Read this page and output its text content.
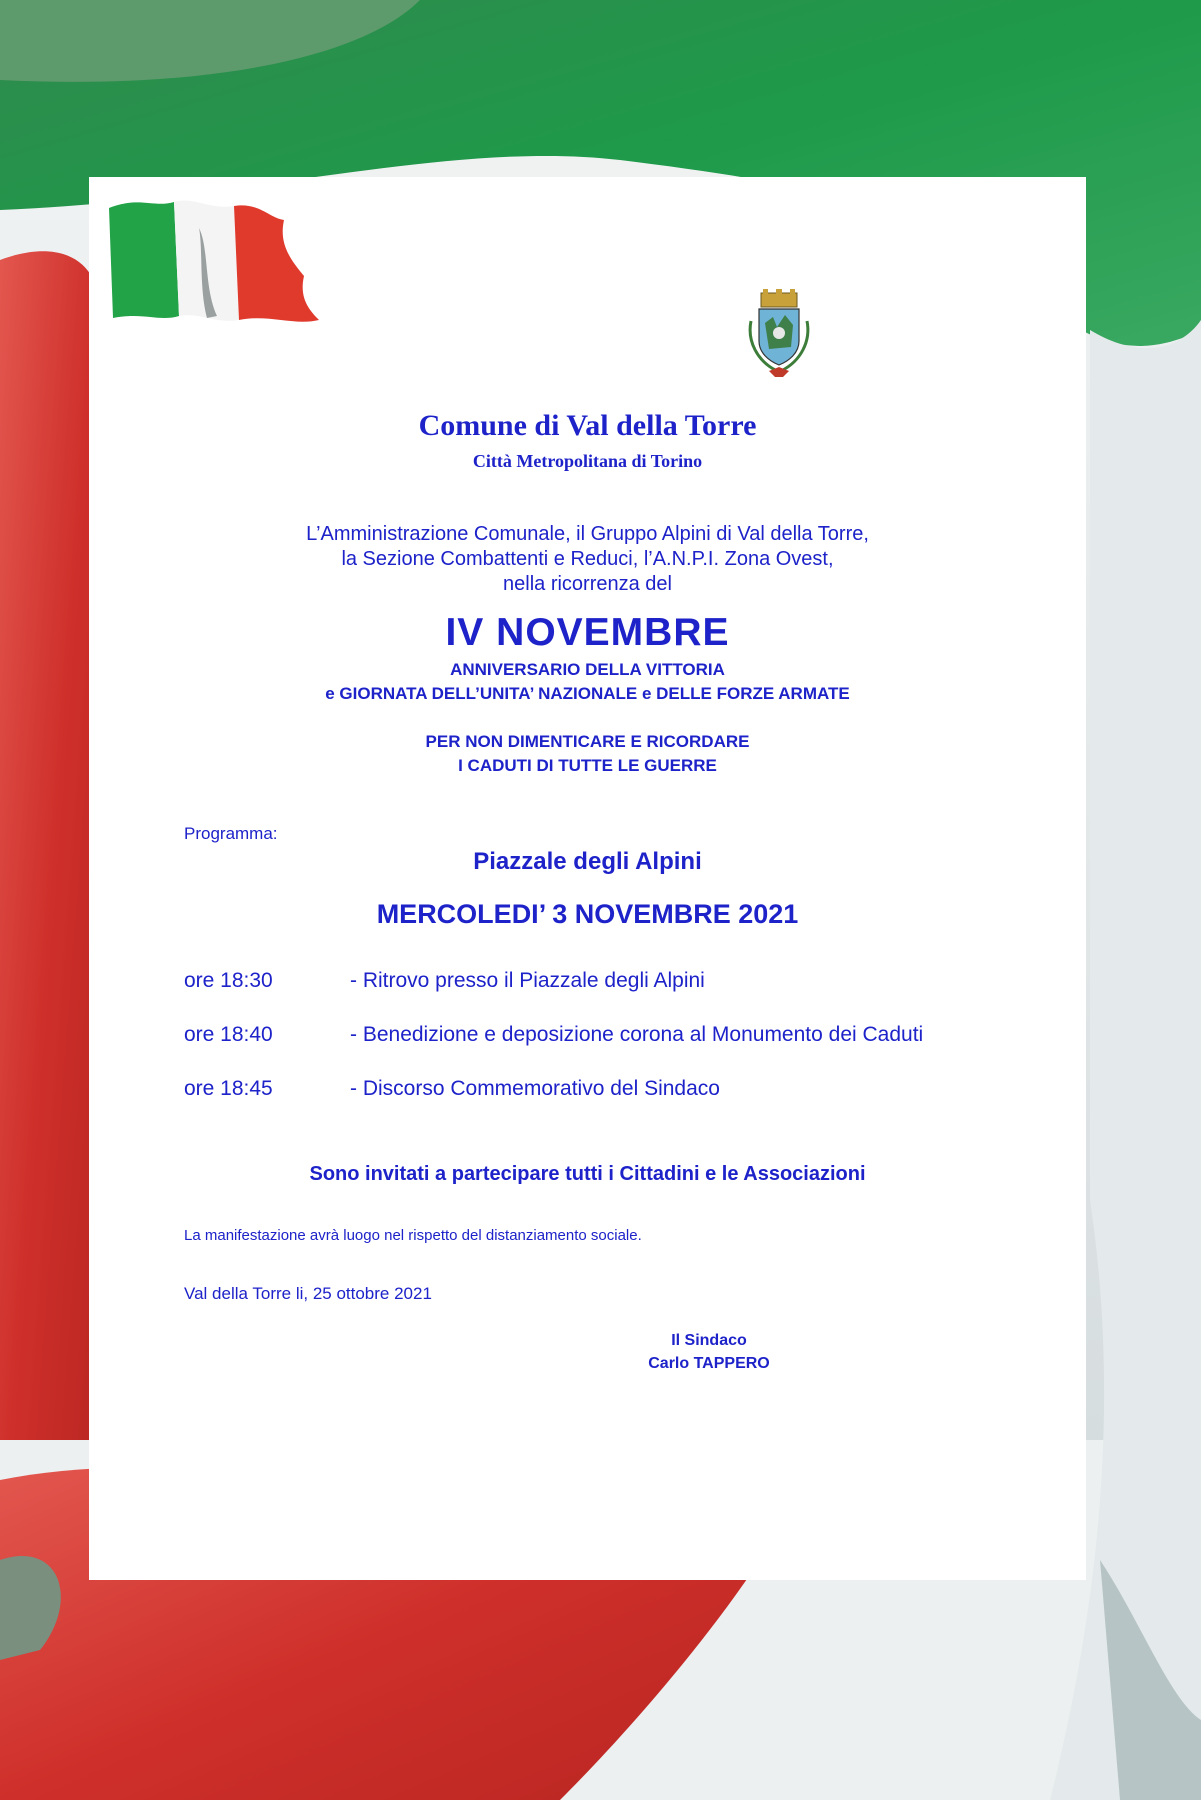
Comune di Val della Torre
Città Metropolitana di Torino
L’Amministrazione Comunale, il Gruppo Alpini di Val della Torre,
la Sezione Combattenti e Reduci, l’A.N.P.I. Zona Ovest,
nella ricorrenza del
IV NOVEMBRE
ANNIVERSARIO DELLA VITTORIA
e GIORNATA DELL’UNITA’ NAZIONALE e DELLE FORZE ARMATE
PER NON DIMENTICARE E RICORDARE
I CADUTI DI TUTTE LE GUERRE
Programma:
Piazzale degli Alpini
MERCOLEDI’ 3 NOVEMBRE 2021
ore 18:30	- Ritrovo presso il Piazzale degli Alpini
ore 18:40	- Benedizione e deposizione corona al Monumento dei Caduti
ore 18:45	- Discorso Commemorativo del Sindaco
Sono invitati a partecipare tutti i Cittadini e le Associazioni
La manifestazione avrà luogo nel rispetto del distanziamento sociale.
Val della Torre li, 25 ottobre 2021
Il Sindaco
Carlo TAPPERO
